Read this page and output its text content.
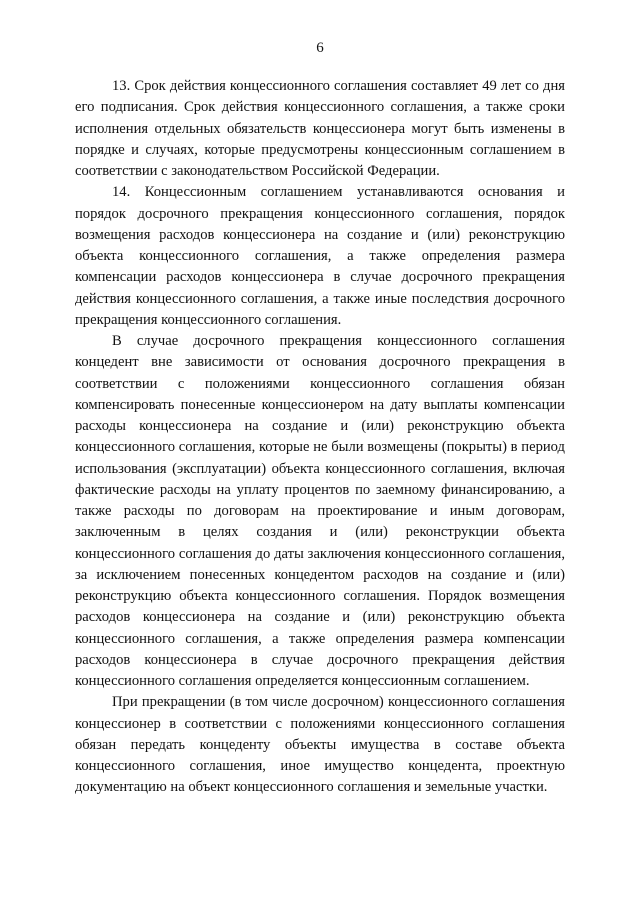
6

13. Срок действия концессионного соглашения составляет 49 лет со дня его подписания. Срок действия концессионного соглашения, а также сроки исполнения отдельных обязательств концессионера могут быть изменены в порядке и случаях, которые предусмотрены концессионным соглашением в соответствии с законодательством Российской Федерации.

14. Концессионным соглашением устанавливаются основания и порядок досрочного прекращения концессионного соглашения, порядок возмещения расходов концессионера на создание и (или) реконструкцию объекта концессионного соглашения, а также определения размера компенсации расходов концессионера в случае досрочного прекращения действия концессионного соглашения, а также иные последствия досрочного прекращения концессионного соглашения.

В случае досрочного прекращения концессионного соглашения концедент вне зависимости от основания досрочного прекращения в соответствии с положениями концессионного соглашения обязан компенсировать понесенные концессионером на дату выплаты компенсации расходы концессионера на создание и (или) реконструкцию объекта концессионного соглашения, которые не были возмещены (покрыты) в период использования (эксплуатации) объекта концессионного соглашения, включая фактические расходы на уплату процентов по заемному финансированию, а также расходы по договорам на проектирование и иным договорам, заключенным в целях создания и (или) реконструкции объекта концессионного соглашения до даты заключения концессионного соглашения, за исключением понесенных концедентом расходов на создание и (или) реконструкцию объекта концессионного соглашения. Порядок возмещения расходов концессионера на создание и (или) реконструкцию объекта концессионного соглашения, а также определения размера компенсации расходов концессионера в случае досрочного прекращения действия концессионного соглашения определяется концессионным соглашением.

При прекращении (в том числе досрочном) концессионного соглашения концессионер в соответствии с положениями концессионного соглашения обязан передать концеденту объекты имущества в составе объекта концессионного соглашения, иное имущество концедента, проектную документацию на объект концессионного соглашения и земельные участки.
